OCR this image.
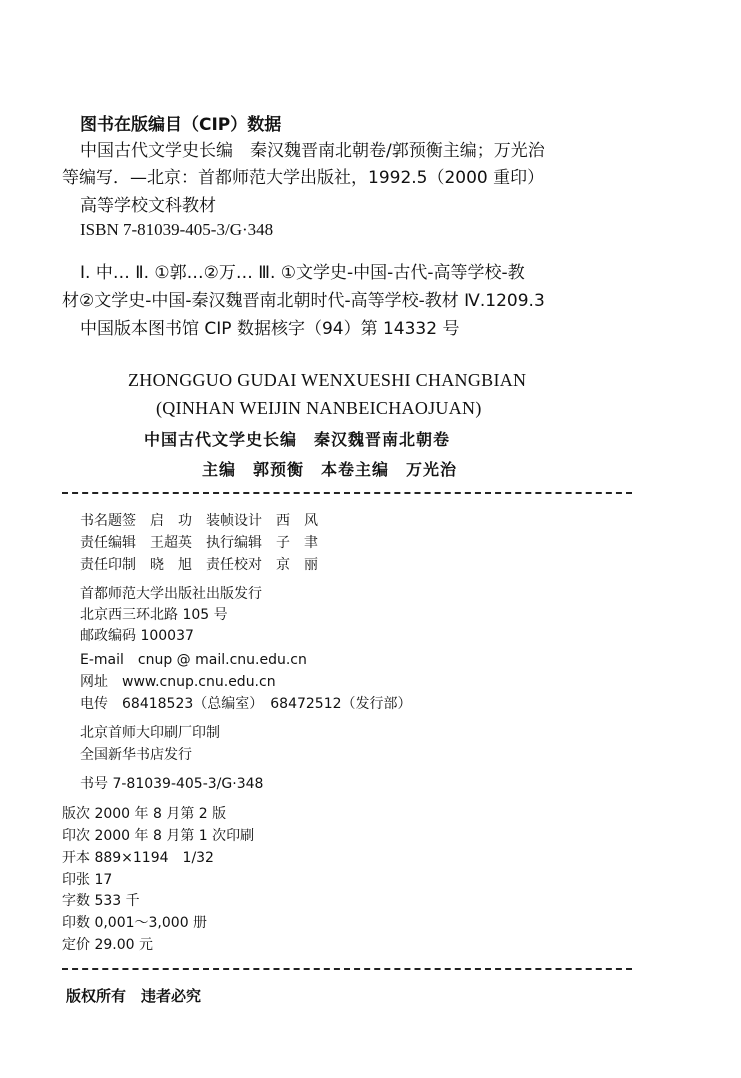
图书在版编目（CIP）数据
中国古代文学史长编　秦汉魏晋南北朝卷/郭预衡主编；万光治
等编写．—北京：首都师范大学出版社，1992.5（2000 重印）
高等学校文科教材
ISBN 7-81039-405-3/G·348
Ⅰ. 中… Ⅱ. ①郭…②万… Ⅲ. ①文学史-中国-古代-高等学校-教
材②文学史-中国-秦汉魏晋南北朝时代-高等学校-教材 Ⅳ.1209.3
中国版本图书馆 CIP 数据核字（94）第 14332 号
ZHONGGUO GUDAI WENXUESHI CHANGBIAN
(QINHAN WEIJIN NANBEICHAOJUAN)
中国古代文学史长编　秦汉魏晋南北朝卷
主编　郭预衡　本卷主编　万光治
书名题签　启　功　装帧设计　西　风
责任编辑　王超英　执行编辑　子　聿
责任印制　晓　旭　责任校对　京　丽
首都师范大学出版社出版发行
北京西三环北路 105 号
邮政编码 100037
E-mail　cnup @ mail.cnu.edu.cn
网址　www.cnup.cnu.edu.cn
电传　68418523（总编室）　68472512（发行部）
北京首师大印刷厂印制
全国新华书店发行
书号 7-81039-405-3/G·348
版次 2000 年 8 月第 2 版
印次 2000 年 8 月第 1 次印刷
开本 889×1194　1/32
印张 17
字数 533 千
印数 0,001～3,000 册
定价 29.00 元
版权所有　违者必究
